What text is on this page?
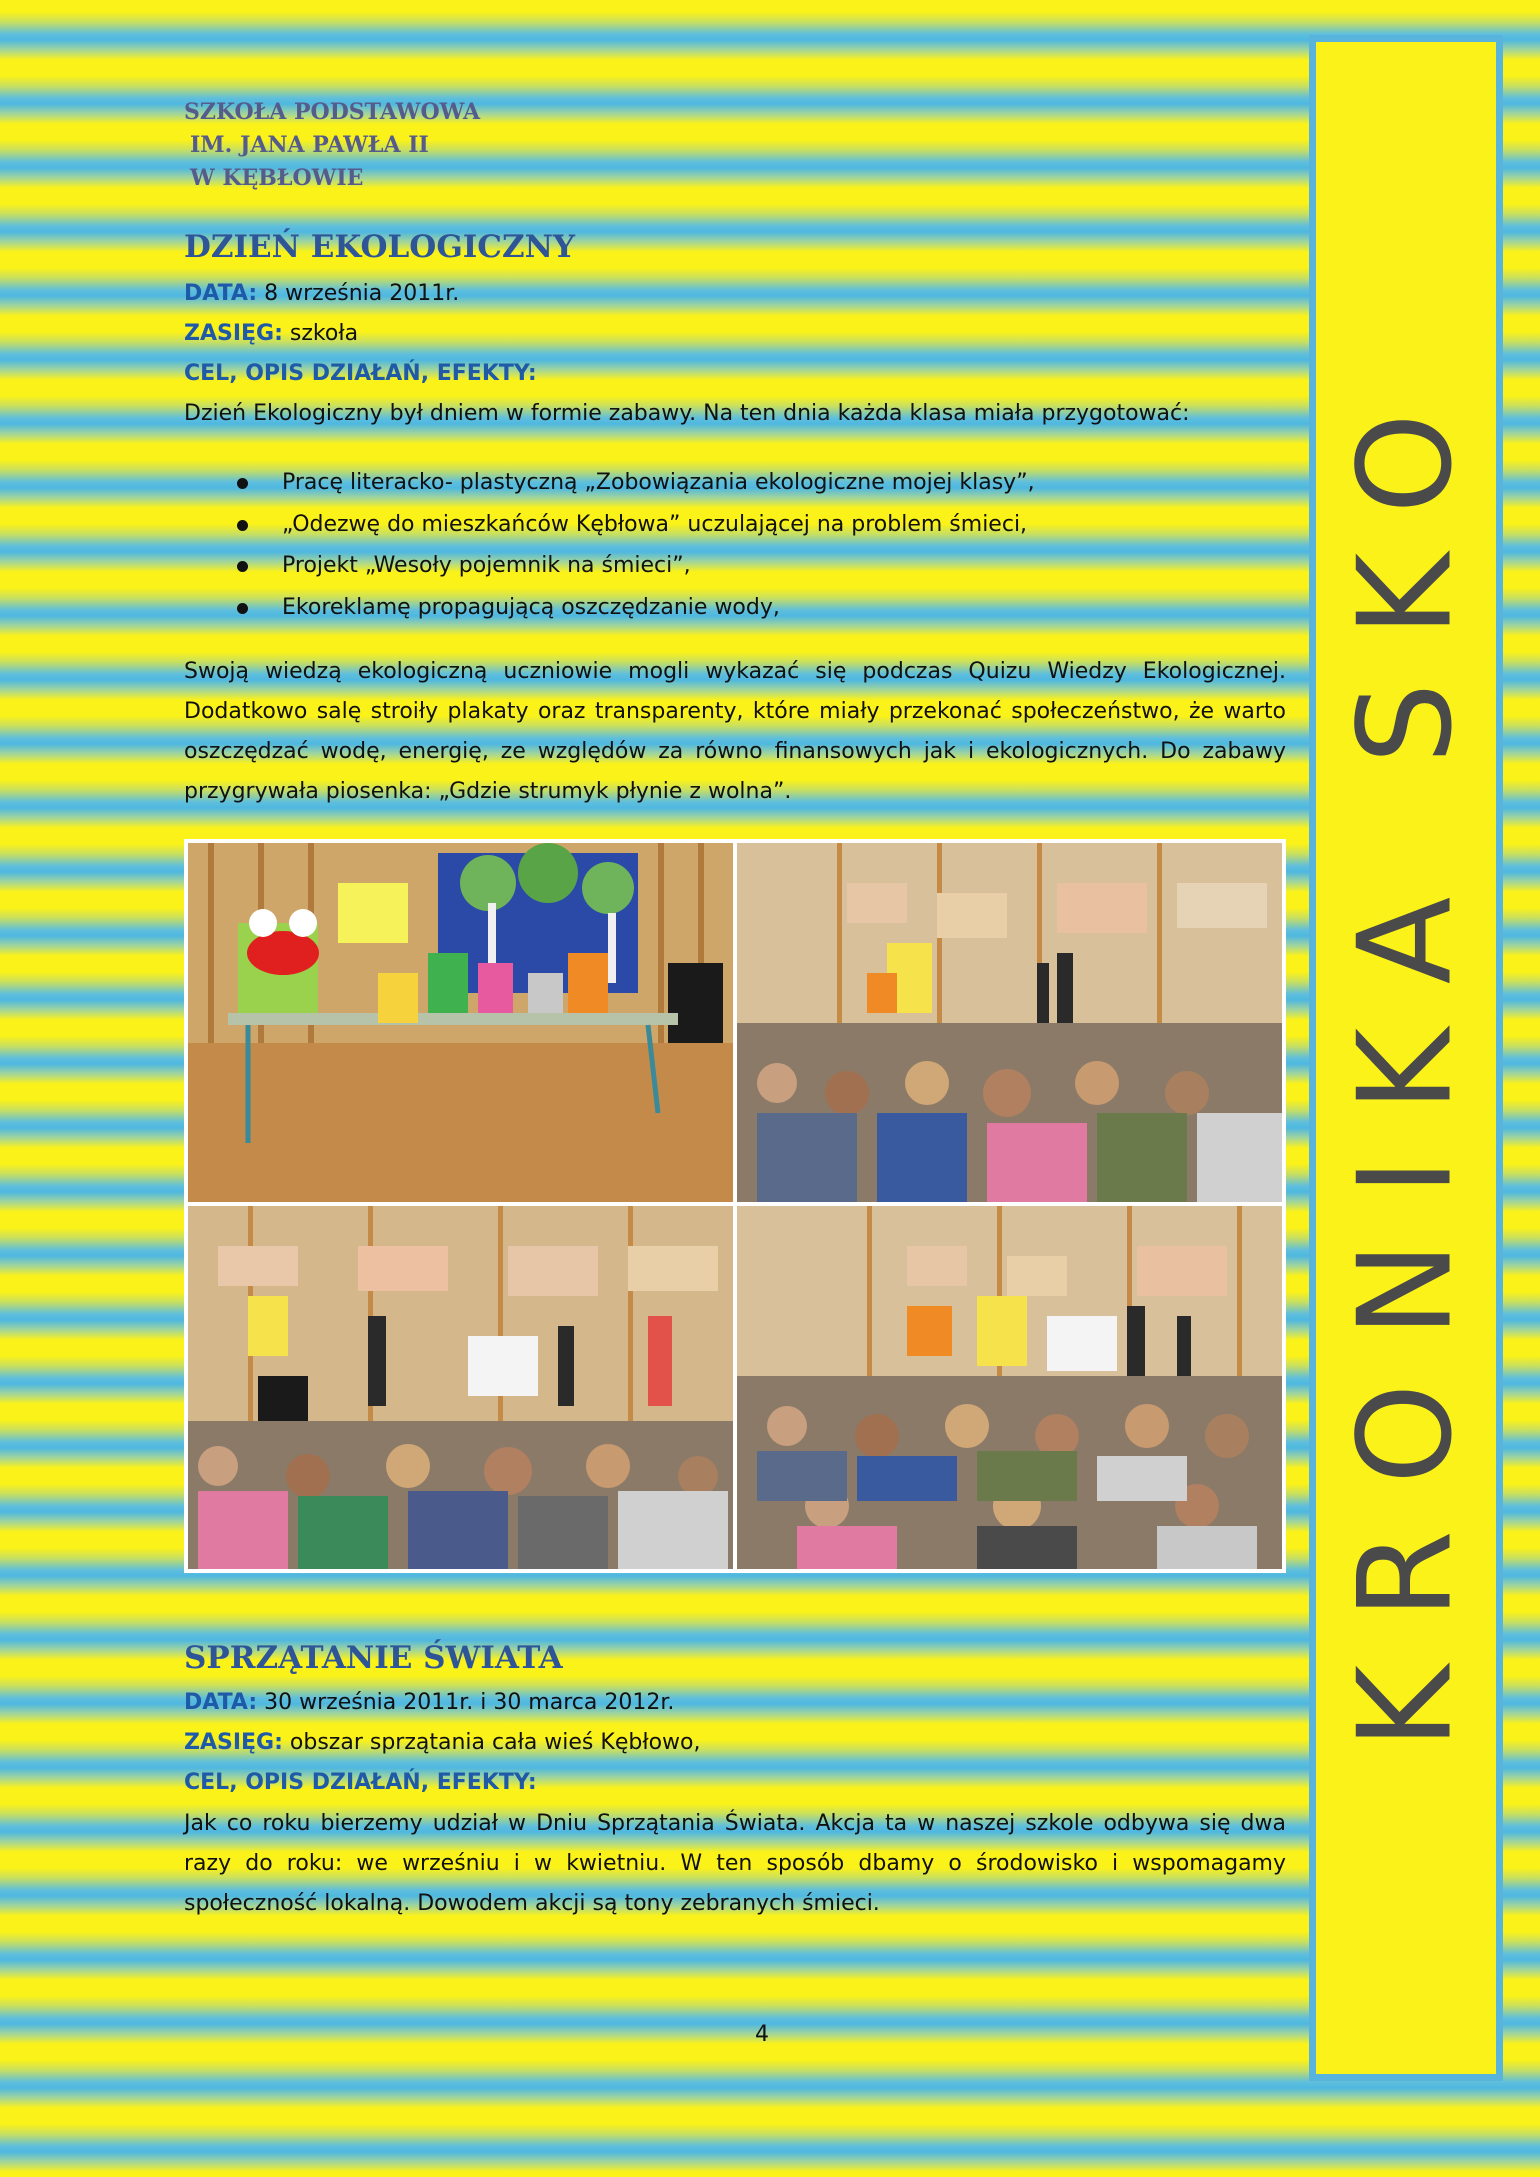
SZKOŁA PODSTAWOWA
IM. JANA PAWŁA II
W KĘBŁOWIE
DZIEŃ EKOLOGICZNY
DATA: 8 września 2011r.
ZASIĘG: szkoła
CEL, OPIS DZIAŁAŃ, EFEKTY:
Dzień Ekologiczny był dniem w formie zabawy. Na ten dnia każda klasa miała przygotować:
Pracę literacko- plastyczną „Zobowiązania ekologiczne mojej klasy”,
„Odezwę do mieszkańców Kębłowa” uczulającej na problem śmieci,
Projekt „Wesoły pojemnik na śmieci”,
Ekoreklamę propagującą oszczędzanie wody,
Swoją wiedzą ekologiczną uczniowie mogli wykazać się podczas Quizu Wiedzy Ekologicznej. Dodatkowo salę stroiły plakaty oraz transparenty, które miały przekonać społeczeństwo, że warto oszczędzać wodę, energię, ze względów za równo finansowych jak i ekologicznych. Do zabawy przygrywała piosenka: „Gdzie strumyk płynie z wolna”.
SPRZĄTANIE ŚWIATA
DATA: 30 września 2011r. i 30 marca 2012r.
ZASIĘG: obszar sprzątania cała wieś Kębłowo,
CEL, OPIS DZIAŁAŃ, EFEKTY:
Jak co roku bierzemy udział w Dniu Sprzątania Świata. Akcja ta w naszej szkole odbywa się dwa razy do roku: we wrześniu i w kwietniu. W ten sposób dbamy o środowisko i wspomagamy społeczność lokalną. Dowodem akcji są tony zebranych śmieci.
4
KRONIKA SKO
